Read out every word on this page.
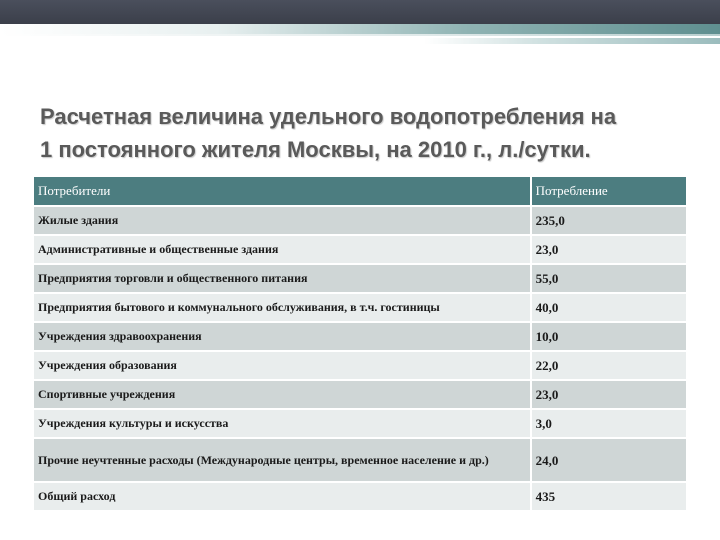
Расчетная величина удельного водопотребления на
1 постоянного жителя Москвы, на 2010 г., л./сутки.
Потребители	Потребление
Жилые здания	235,0
Административные и общественные здания	23,0
Предприятия торговли и общественного питания	55,0
Предприятия бытового и коммунального обслуживания, в т.ч. гостиницы	40,0
Учреждения здравоохранения	10,0
Учреждения образования	22,0
Спортивные учреждения	23,0
Учреждения культуры и искусства	3,0
Прочие неучтенные расходы (Международные центры, временное население и др.)	24,0
Общий расход	435
